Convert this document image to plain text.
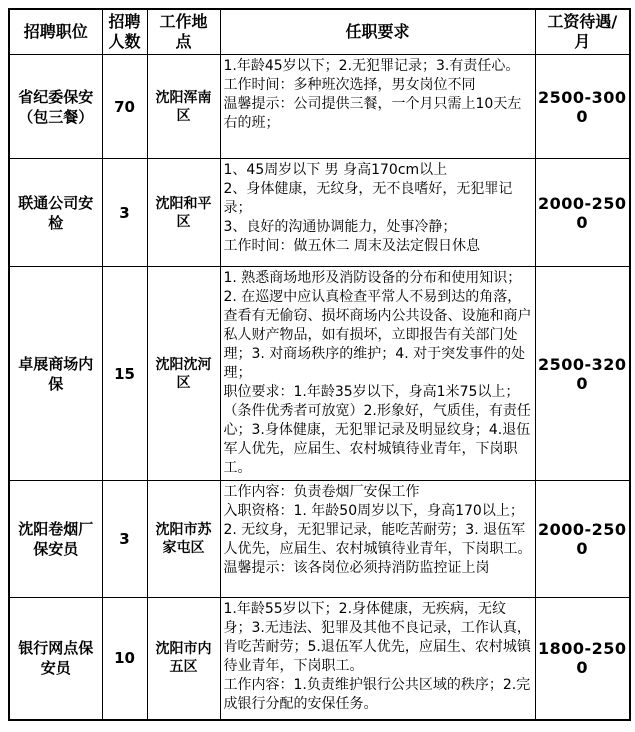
招聘职位	招聘人数	工作地点	任职要求	工资待遇/月
省纪委保安（包三餐）	70	沈阳浑南区	1.年龄45岁以下；2.无犯罪记录；3.有责任心。
工作时间：多种班次选择，男女岗位不同
温馨提示：公司提供三餐，一个月只需上10天左右的班；	2500-3000
联通公司安检	3	沈阳和平区	1、45周岁以下 男 身高170cm以上
2、身体健康，无纹身，无不良嗜好，无犯罪记录；
3、良好的沟通协调能力，处事冷静；
工作时间：做五休二 周末及法定假日休息	2000-2500
卓展商场内保	15	沈阳沈河区	1. 熟悉商场地形及消防设备的分布和使用知识；2. 在巡逻中应认真检查平常人不易到达的角落，查看有无偷窃、损坏商场内公共设备、设施和商户私人财产物品，如有损坏，立即报告有关部门处理；3. 对商场秩序的维护；4. 对于突发事件的处理；
职位要求：1.年龄35岁以下，身高1米75以上；（条件优秀者可放宽）2.形象好，气质佳，有责任心；3.身体健康，无犯罪记录及明显纹身；4.退伍军人优先，应届生、农村城镇待业青年，下岗职工。	2500-3200
沈阳卷烟厂保安员	3	沈阳市苏家屯区	工作内容：负责卷烟厂安保工作
入职资格：1. 年龄50周岁以下，身高170以上；2. 无纹身，无犯罪记录，能吃苦耐劳；3. 退伍军人优先，应届生、农村城镇待业青年，下岗职工。温馨提示：该各岗位必须持消防监控证上岗	2000-2500
银行网点保安员	10	沈阳市内五区	1.年龄55岁以下；2.身体健康，无疾病，无纹身；3.无违法、犯罪及其他不良记录，工作认真，肯吃苦耐劳；5.退伍军人优先，应届生、农村城镇待业青年，下岗职工。
工作内容：1.负责维护银行公共区域的秩序；2.完成银行分配的安保任务。	1800-2500
